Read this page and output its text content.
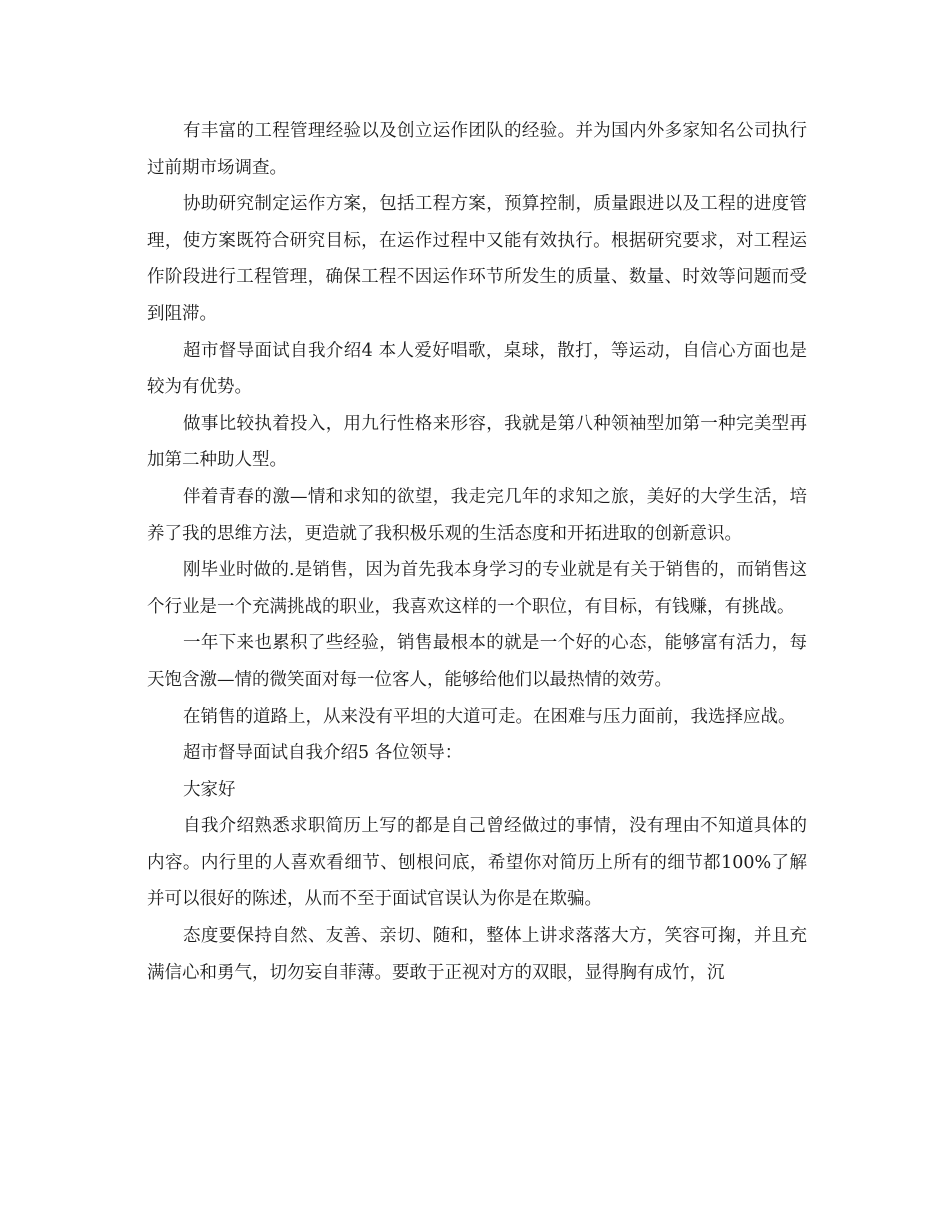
有丰富的工程管理经验以及创立运作团队的经验。并为国内外多家知名公司执行过前期市场调查。

协助研究制定运作方案，包括工程方案，预算控制，质量跟进以及工程的进度管理，使方案既符合研究目标，在运作过程中又能有效执行。根据研究要求，对工程运作阶段进行工程管理，确保工程不因运作环节所发生的质量、数量、时效等问题而受到阻滞。

超市督导面试自我介绍4 本人爱好唱歌，桌球，散打，等运动，自信心方面也是较为有优势。

做事比较执着投入，用九行性格来形容，我就是第八种领袖型加第一种完美型再加第二种助人型。

伴着青春的激—情和求知的欲望，我走完几年的求知之旅，美好的大学生活，培养了我的思维方法，更造就了我积极乐观的生活态度和开拓进取的创新意识。

刚毕业时做的.是销售，因为首先我本身学习的专业就是有关于销售的，而销售这个行业是一个充满挑战的职业，我喜欢这样的一个职位，有目标，有钱赚，有挑战。

一年下来也累积了些经验，销售最根本的就是一个好的心态，能够富有活力，每天饱含激—情的微笑面对每一位客人，能够给他们以最热情的效劳。

在销售的道路上，从来没有平坦的大道可走。在困难与压力面前，我选择应战。

超市督导面试自我介绍5 各位领导：

大家好

自我介绍熟悉求职简历上写的都是自己曾经做过的事情，没有理由不知道具体的内容。内行里的人喜欢看细节、刨根问底，希望你对简历上所有的细节都100%了解并可以很好的陈述，从而不至于面试官误认为你是在欺骗。

态度要保持自然、友善、亲切、随和，整体上讲求落落大方，笑容可掬，并且充满信心和勇气，切勿妄自菲薄。要敢于正视对方的双眼，显得胸有成竹，沉
